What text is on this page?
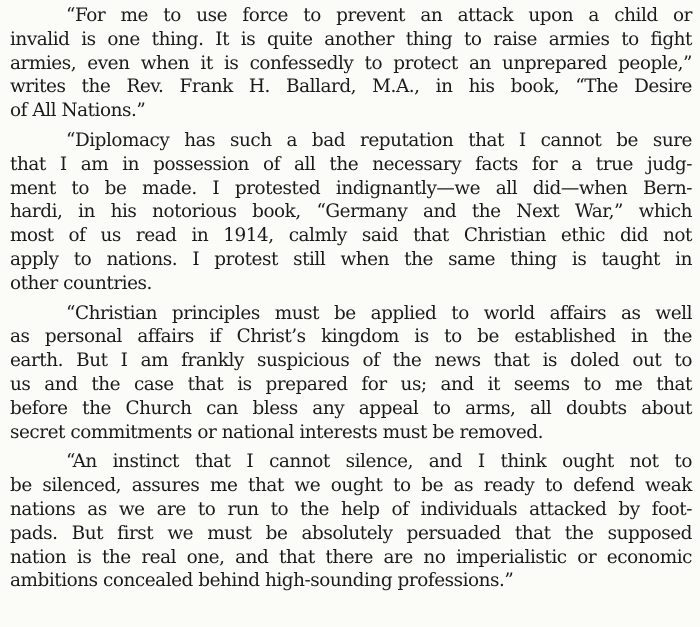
“For me to use force to prevent an attack upon a child or
invalid is one thing. It is quite another thing to raise armies to fight
armies, even when it is confessedly to protect an unprepared people,”
writes the Rev. Frank H. Ballard, M.A., in his book, “The Desire
of All Nations.”

“Diplomacy has such a bad reputation that I cannot be sure
that I am in possession of all the necessary facts for a true judg-
ment to be made. I protested indignantly—we all did—when Bern-
hardi, in his notorious book, “Germany and the Next War,” which
most of us read in 1914, calmly said that Christian ethic did not
apply to nations. I protest still when the same thing is taught in
other countries.

“Christian principles must be applied to world affairs as well
as personal affairs if Christ’s kingdom is to be established in the
earth. But I am frankly suspicious of the news that is doled out to
us and the case that is prepared for us; and it seems to me that
before the Church can bless any appeal to arms, all doubts about
secret commitments or national interests must be removed.

“An instinct that I cannot silence, and I think ought not to
be silenced, assures me that we ought to be as ready to defend weak
nations as we are to run to the help of individuals attacked by foot-
pads. But first we must be absolutely persuaded that the supposed
nation is the real one, and that there are no imperialistic or economic
ambitions concealed behind high-sounding professions.”
